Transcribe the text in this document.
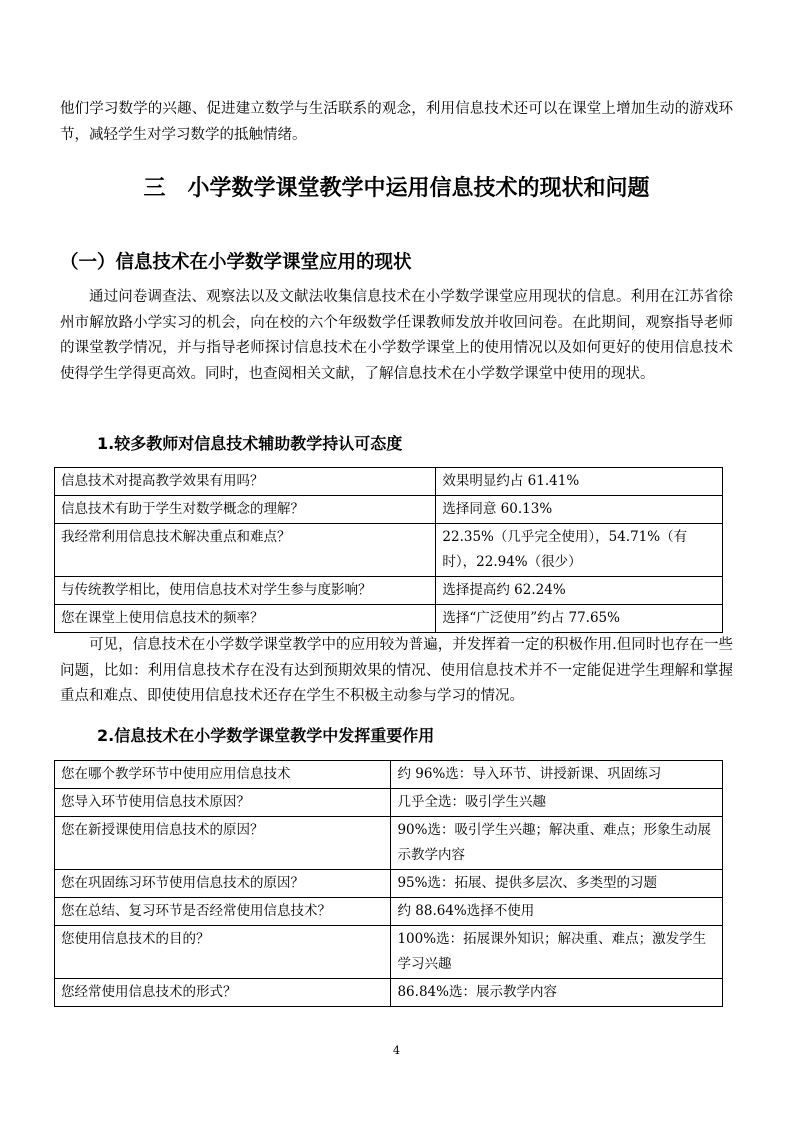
他们学习数学的兴趣、促进建立数学与生活联系的观念，利用信息技术还可以在课堂上增加生动的游戏环节，减轻学生对学习数学的抵触情绪。

三　小学数学课堂教学中运用信息技术的现状和问题
（一）信息技术在小学数学课堂应用的现状

通过问卷调查法、观察法以及文献法收集信息技术在小学数学课堂应用现状的信息。利用在江苏省徐州市解放路小学实习的机会，向在校的六个年级数学任课教师发放并收回问卷。在此期间，观察指导老师的课堂教学情况，并与指导老师探讨信息技术在小学数学课堂上的使用情况以及如何更好的使用信息技术使得学生学得更高效。同时，也查阅相关文献，了解信息技术在小学数学课堂中使用的现状。

1.较多教师对信息技术辅助教学持认可态度
信息技术对提高教学效果有用吗？	效果明显约占 61.41%
信息技术有助于学生对数学概念的理解？	选择同意 60.13%
我经常利用信息技术解决重点和难点？	22.35%（几乎完全使用），54.71%（有时），22.94%（很少）
与传统教学相比，使用信息技术对学生参与度影响？	选择提高约 62.24%
您在课堂上使用信息技术的频率？	选择“广泛使用”约占 77.65%

可见，信息技术在小学数学课堂教学中的应用较为普遍，并发挥着一定的积极作用.但同时也存在一些问题，比如：利用信息技术存在没有达到预期效果的情况、使用信息技术并不一定能促进学生理解和掌握重点和难点、即使使用信息技术还存在学生不积极主动参与学习的情况。

2.信息技术在小学数学课堂教学中发挥重要作用
您在哪个教学环节中使用应用信息技术	约 96%选：导入环节、讲授新课、巩固练习
您导入环节使用信息技术原因？	几乎全选：吸引学生兴趣
您在新授课使用信息技术的原因？	90%选：吸引学生兴趣；解决重、难点；形象生动展示教学内容
您在巩固练习环节使用信息技术的原因？	95%选：拓展、提供多层次、多类型的习题
您在总结、复习环节是否经常使用信息技术？	约 88.64%选择不使用
您使用信息技术的目的？	100%选：拓展课外知识；解决重、难点；激发学生学习兴趣
您经常使用信息技术的形式？	86.84%选：展示教学内容

4
